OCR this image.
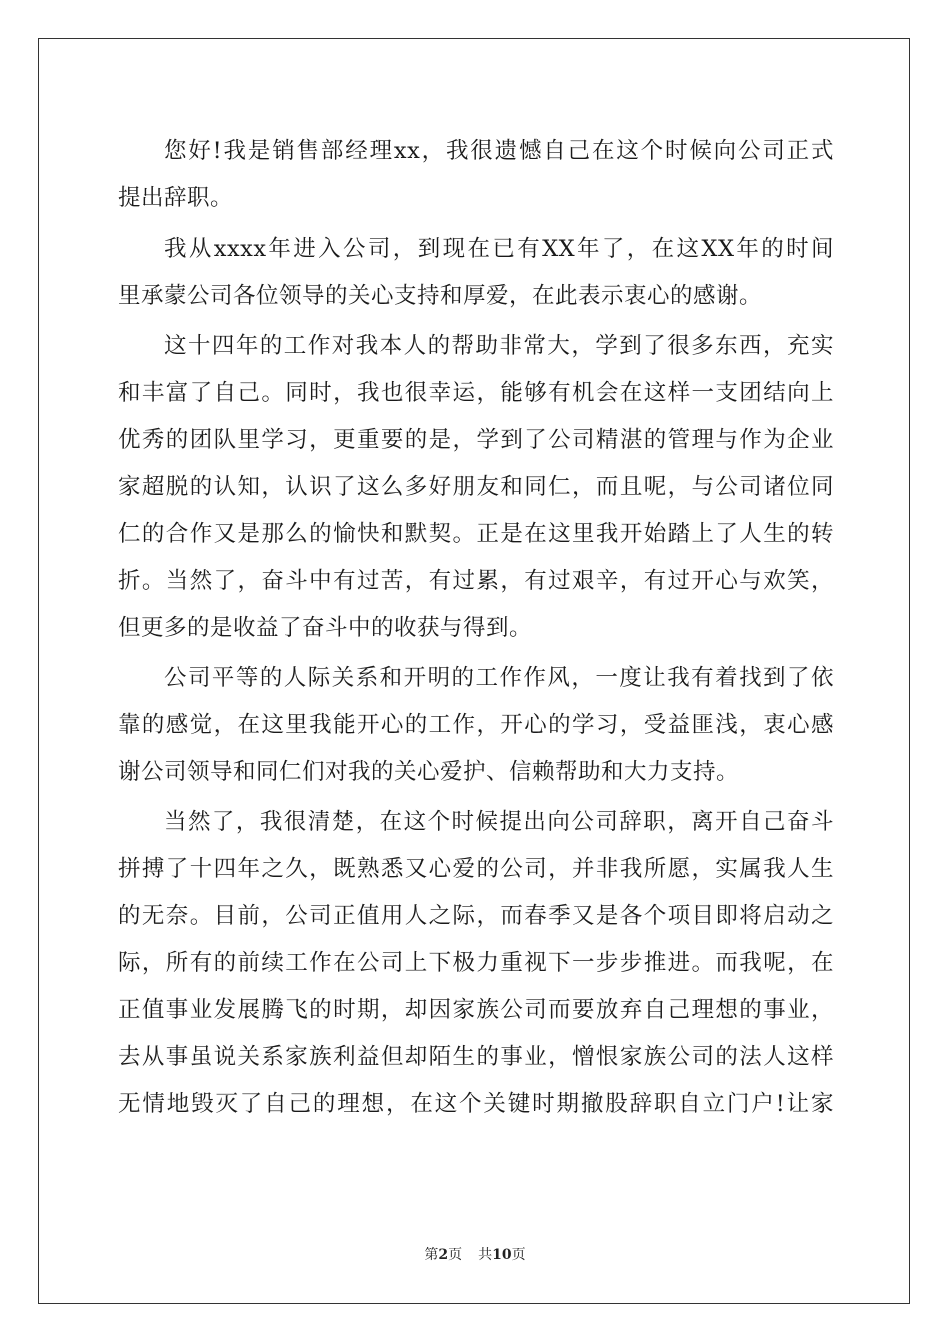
您好!我是销售部经理xx，我很遗憾自己在这个时候向公司正式
提出辞职。
我从xxxx年进入公司，到现在已有XX年了，在这XX年的时间
里承蒙公司各位领导的关心支持和厚爱，在此表示衷心的感谢。
这十四年的工作对我本人的帮助非常大，学到了很多东西，充实
和丰富了自己。同时，我也很幸运，能够有机会在这样一支团结向上
优秀的团队里学习，更重要的是，学到了公司精湛的管理与作为企业
家超脱的认知，认识了这么多好朋友和同仁，而且呢，与公司诸位同
仁的合作又是那么的愉快和默契。正是在这里我开始踏上了人生的转
折。当然了，奋斗中有过苦，有过累，有过艰辛，有过开心与欢笑，
但更多的是收益了奋斗中的收获与得到。
公司平等的人际关系和开明的工作作风，一度让我有着找到了依
靠的感觉，在这里我能开心的工作，开心的学习，受益匪浅，衷心感
谢公司领导和同仁们对我的关心爱护、信赖帮助和大力支持。
当然了，我很清楚，在这个时候提出向公司辞职，离开自己奋斗
拼搏了十四年之久，既熟悉又心爱的公司，并非我所愿，实属我人生
的无奈。目前，公司正值用人之际，而春季又是各个项目即将启动之
际，所有的前续工作在公司上下极力重视下一步步推进。而我呢，在
正值事业发展腾飞的时期，却因家族公司而要放弃自己理想的事业，
去从事虽说关系家族利益但却陌生的事业，憎恨家族公司的法人这样
无情地毁灭了自己的理想，在这个关键时期撤股辞职自立门户!让家
第2页 共10页
